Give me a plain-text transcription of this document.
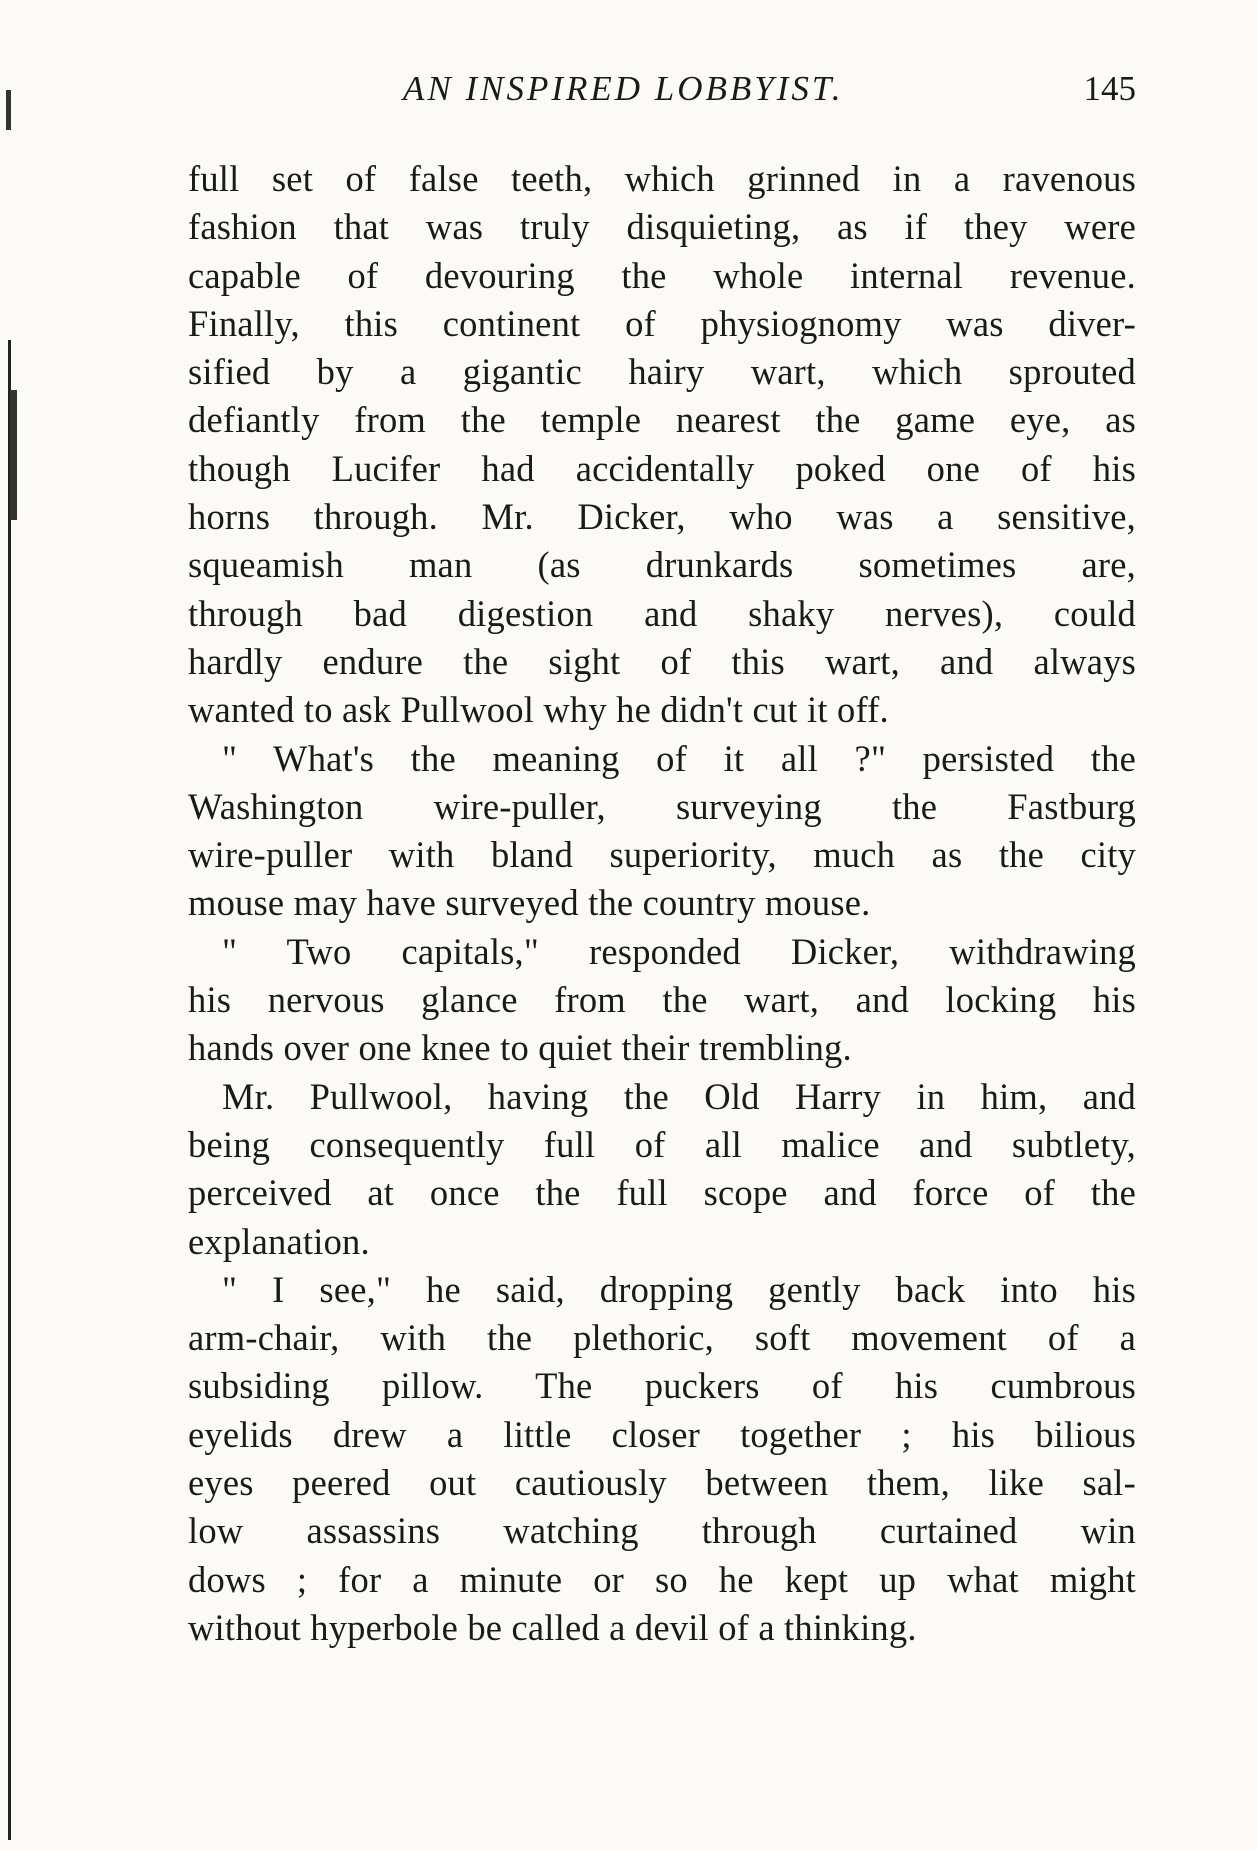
AN INSPIRED LOBBYIST.	145
full set of false teeth, which grinned in a ravenous
fashion that was truly disquieting, as if they were
capable of devouring the whole internal revenue.
Finally, this continent of physiognomy was diver-
sified by a gigantic hairy wart, which sprouted
defiantly from the temple nearest the game eye, as
though Lucifer had accidentally poked one of his
horns through. Mr. Dicker, who was a sensitive,
squeamish man (as drunkards sometimes are,
through bad digestion and shaky nerves), could
hardly endure the sight of this wart, and always
wanted to ask Pullwool why he didn't cut it off.
" What's the meaning of it all ?" persisted the
Washington wire-puller, surveying the Fastburg
wire-puller with bland superiority, much as the city
mouse may have surveyed the country mouse.
" Two capitals," responded Dicker, withdrawing
his nervous glance from the wart, and locking his
hands over one knee to quiet their trembling.
Mr. Pullwool, having the Old Harry in him, and
being consequently full of all malice and subtlety,
perceived at once the full scope and force of the
explanation.
" I see," he said, dropping gently back into his
arm-chair, with the plethoric, soft movement of a
subsiding pillow. The puckers of his cumbrous
eyelids drew a little closer together ; his bilious
eyes peered out cautiously between them, like sal-
low assassins watching through curtained win
dows ; for a minute or so he kept up what might
without hyperbole be called a devil of a thinking.
